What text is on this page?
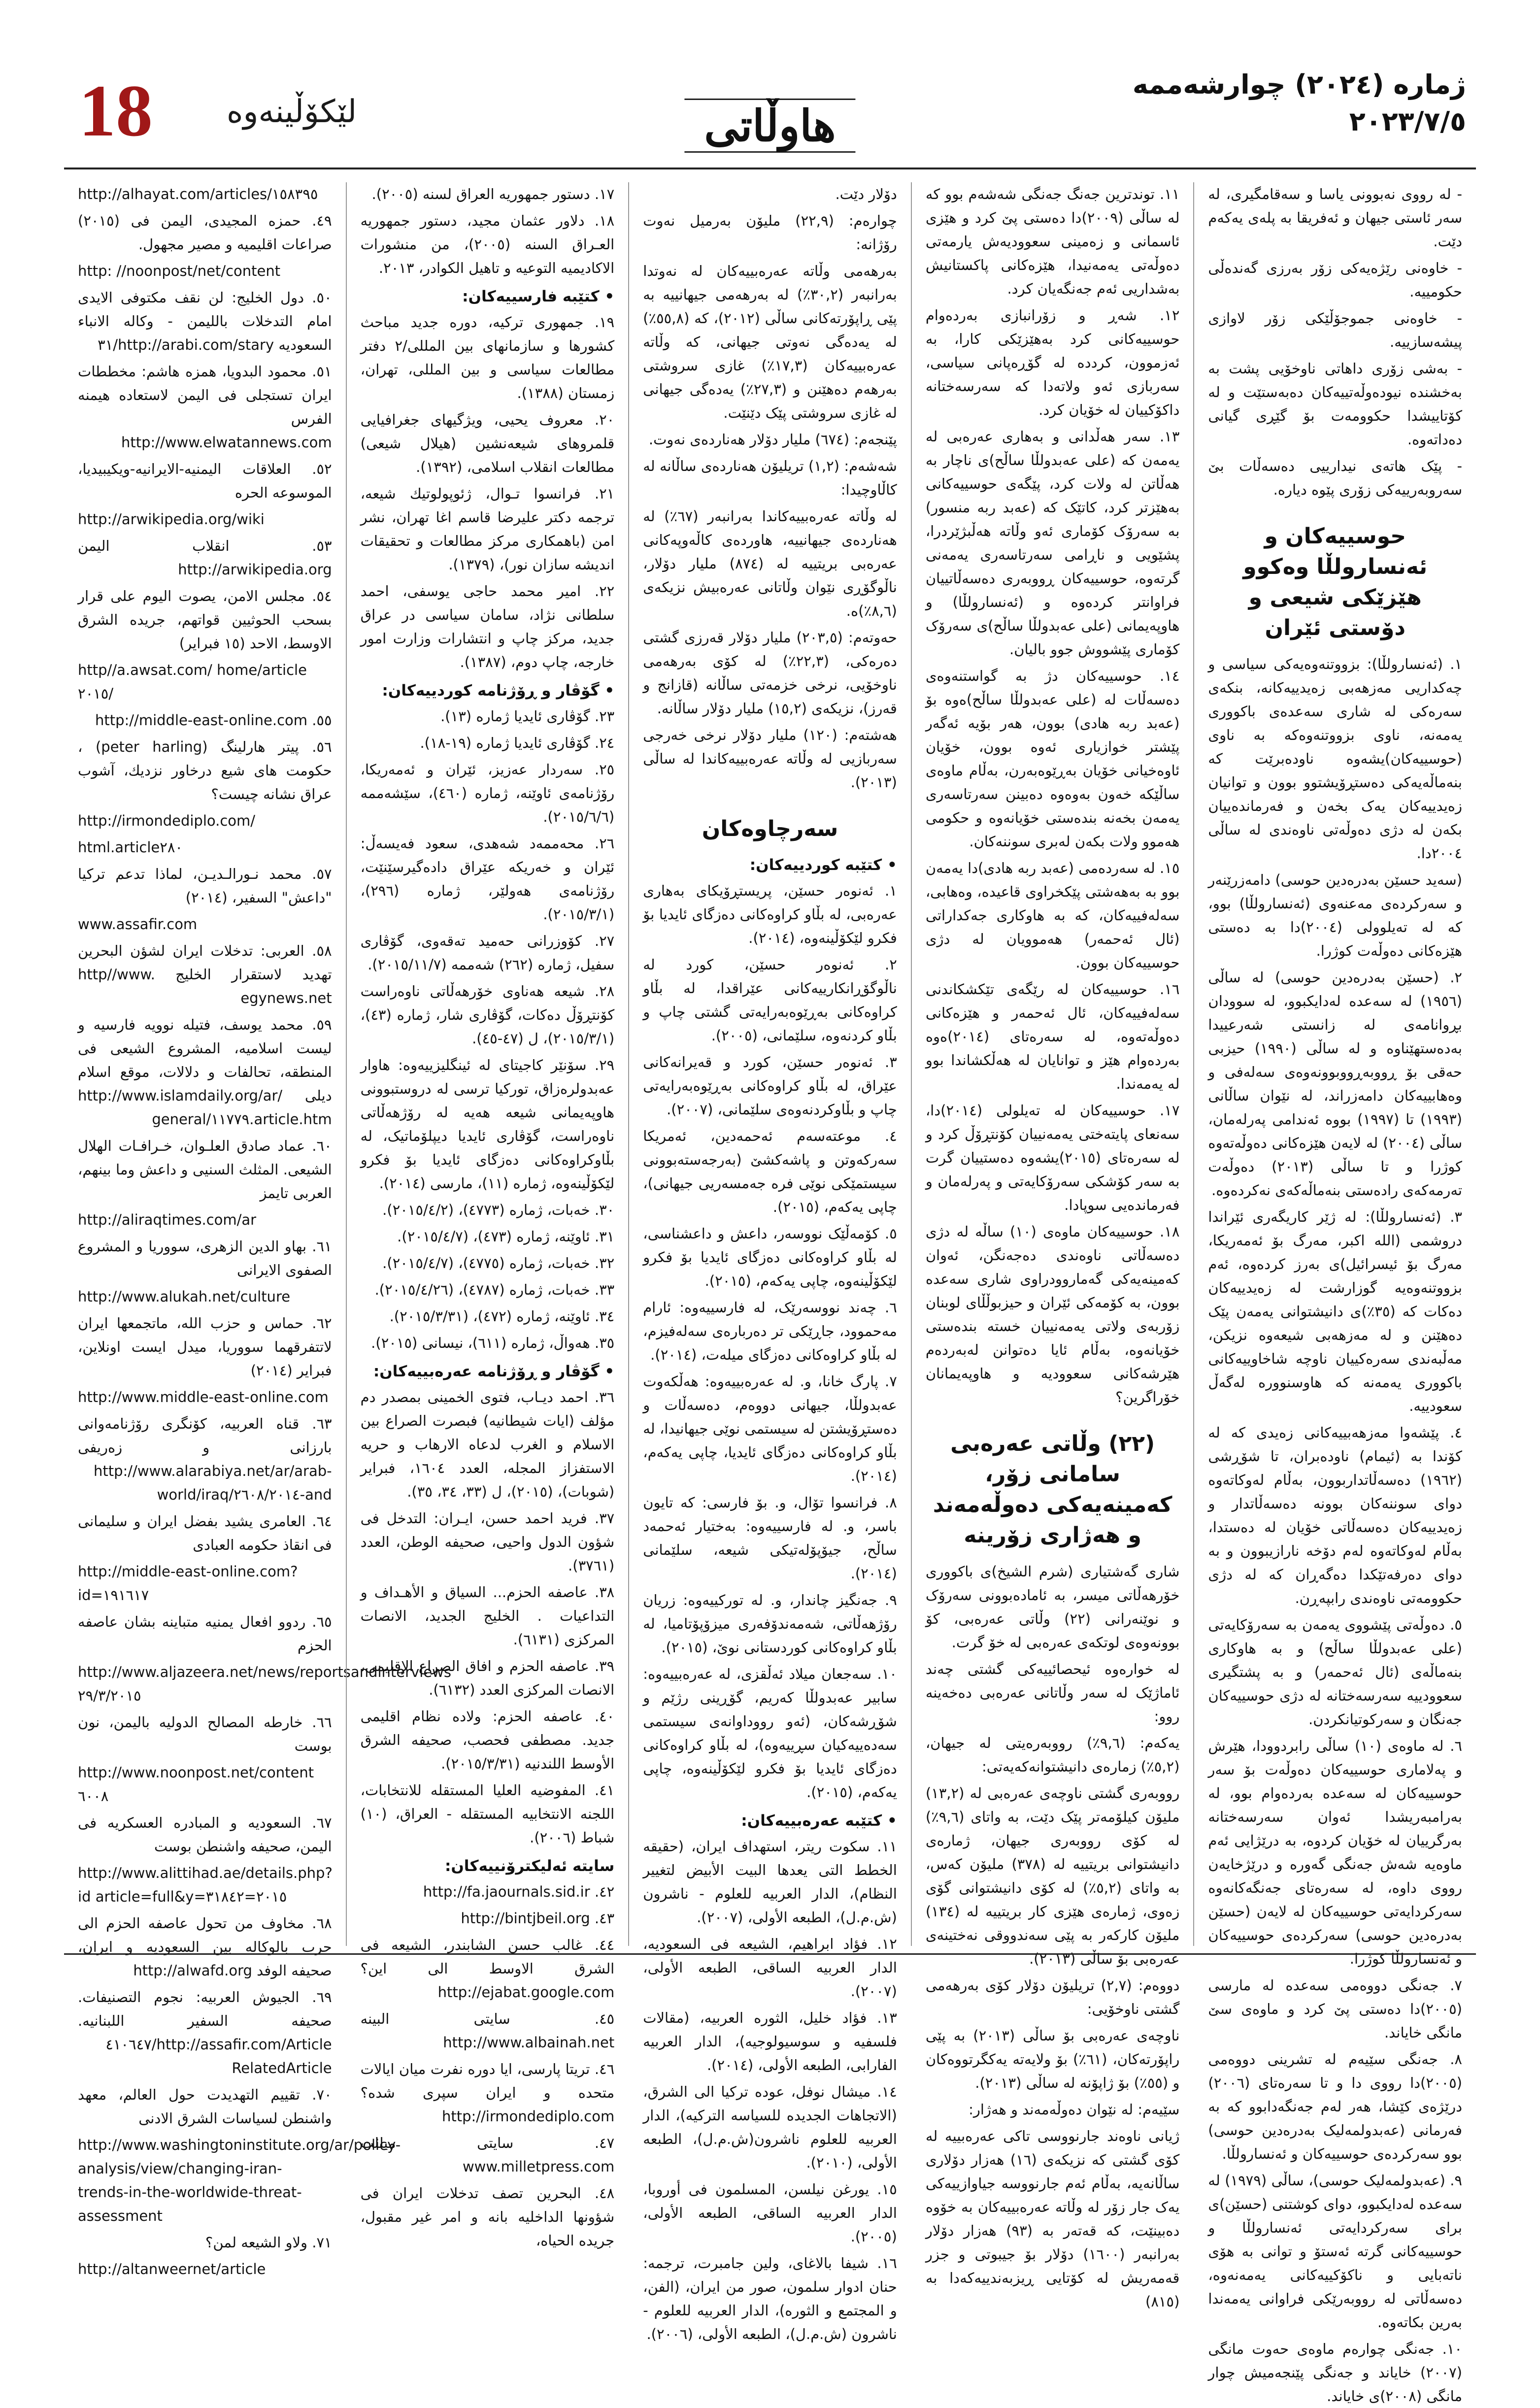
18 لێکۆڵینەوە	هاوڵاتی
ژمارە (٢٠٢٤) چوارشەممە
٢٠٢٣/٧/٥

- لە رووی نەبوونی یاسا و سەقامگیری، لە سەر ئاستی جیهان و ئەفریقا بە پلەی یەکەم دێت.

- خاوەنی رێژەیەکی زۆر بەرزی گەندەڵی حکومییە.

- خاوەنی جموجۆڵێکی زۆر لاوازی پیشەسازییە.

- بەشی زۆری داهاتی ناوخۆیی پشت بە بەخشندە نیودەوڵەتییەکان دەبەستێت و لە کۆتاییشدا حکوومەت بۆ گێڕی گیانی دەداتەوە.

- پێک هاتەی نیدارییی دەسەڵات بێ سەروبەرییەکی زۆری پێوە دیارە.

حوسییەکان و ئەنسارولڵا وەکوو هێزێکی شیعی و دۆستی ئێران

١. (ئەنسارولڵا): بزووتنەوەیەکی سیاسی و چەکداریی مەزهەبی زەیدییەکانە، بنکەی سەرەکی لە شاری سەعدەی باکووری یەمەنە، ناوی بزووتنەوەکە بە ناوی (حوسییەکان)یشەوە ناودەبرێت کە بنەماڵەیەکی دەستڕۆیشتوو بوون و توانیان زەیدییەکان یەک بخەن و فەرماندەییان بکەن لە دژی دەوڵەتی ناوەندی لە ساڵی ٢٠٠٤دا.

(سەید حسێن بەدرەدین حوسی) دامەزرێنەر و سەرکردەی مەعنەوی (ئەنسارولڵا) بوو، کە لە تەیلوولی (٢٠٠٤)دا بە دەستی هێزەکانی دەوڵەت کوژرا.

٢. (حسێن بەدرەدین حوسی) لە ساڵی (١٩٥٦) لە سەعدە لەدایکبوو، لە سوودان بڕوانامەی لە زانستی شەرعییدا بەدەستهێناوە و لە ساڵی (١٩٩٠) حیزبی حەقی بۆ ڕووبەڕووبوونەوەی سەلەفی و وەهابییەکان دامەزراند، لە نێوان ساڵانی (١٩٩٣) تا (١٩٩٧) بووە ئەندامی پەرلەمان، ساڵی (٢٠٠٤) لە لایەن هێزەکانی دەوڵەتەوە کوژرا و تا ساڵی (٢٠١٣) دەوڵەت تەرمەکەی رادەستی بنەماڵەکەی نەکردەوە.

٣. (ئەنسارولڵا): لە ژێر کاریگەری ئێراندا دروشمی (الله اکبر، مەرگ بۆ ئەمەریکا، مەرگ بۆ ئیسرائیل)ی بەرز کردەوە، ئەم بزووتنەوەیە گوزارشت لە زەیدییەکان دەکات کە (٣٥٪)ی دانیشتوانی یەمەن پێک دەهێنن و لە مەزهەبی شیعەوە نزیکن، مەڵبەندی سەرەکییان ناوچە شاخاوییەکانی باکووری یەمەنە کە هاوسنوورە لەگەڵ سعودییە.

٤. پێشەوا مەزهەبییەکانی زەیدی کە لە کۆندا بە (ئیمام) ناودەبران، تا شۆڕشی (١٩٦٢) دەسەڵاتداربوون، بەڵام لەوکاتەوە دوای سوننەکان بوونە دەسەڵاتدار و زەیدییەکان دەسەڵاتی خۆیان لە دەستدا، بەڵام لەوکاتەوە لەم دۆخە نارازیبوون و بە دوای دەرفەتێکدا دەگەڕان کە لە دژی حکوومەتی ناوەندی رابپەڕن.

٥. دەوڵەتی پێشووی یەمەن بە سەرۆکایەتی (علی عەبدولڵا ساڵح) و بە هاوکاری بنەماڵەی (ئال ئەحمەر) و بە پشتگیری سعوودییە سەرسەختانە لە دژی حوسییەکان جەنگان و سەرکوتیانکردن.

٦. لە ماوەی (١٠) ساڵی رابردوودا، هێرش و پەلاماری حوسییەکان دەوڵەت بۆ سەر حوسییەکان لە سەعدە بەردەوام بوو، لە بەرامبەریشدا ئەوان سەرسەختانە بەرگرییان لە خۆیان کردوە، بە درێژایی ئەم ماوەیە شەش جەنگی گەورە و درێژخایەن رووی داوە، لە سەرەتای جەنگەکانەوە سەرکردایەتی حوسییەکان لە لایەن (حسێن بەدرەدین حوسی) سەرکردەی حوسییەکان و ئەنسارولڵا کوژرا.

٧. جەنگی دووەمی سەعدە لە مارسی (٢٠٠٥)دا دەستی پێ کرد و ماوەی سێ مانگی خایاند.

٨. جەنگی سێیەم لە تشرینی دووەمی (٢٠٠٥)دا رووی دا و تا سەرەتای (٢٠٠٦) درێژەی کێشا، هەر لەم جەنگەدابوو کە بە فەرمانی (عەبدولمەلیک بەدرەدین حوسی) بوو سەرکردەی حوسییەکان و ئەنسارولڵا.

٩. (عەبدولمەلیک حوسی)، ساڵی (١٩٧٩) لە سەعدە لەدایکبوو، دوای کوشتنی (حسێن)ی برای سەرکردایەتی ئەنسارولڵا و حوسییەکانی گرتە ئەستۆ و توانی بە هۆی ناتەبایی و ناکۆکییەکانی یەمەنەوە، دەسەڵاتی لە رووبەرێکی فراوانی یەمەندا بەرین بکاتەوە.

١٠. جەنگی چوارەم ماوەی حەوت مانگی (٢٠٠٧) خایاند و جەنگی پێنجەمیش چوار مانگی (٢٠٠٨)ی خایاند.

١١. توندترین جەنگ جەنگی شەشەم بوو کە لە ساڵی (٢٠٠٩)دا دەستی پێ کرد و هێزی ئاسمانی و زەمینی سعوودیەش یارمەتی دەوڵەتی یەمەنیدا، هێزەکانی پاکستانیش بەشداریی ئەم جەنگەیان کرد.

١٢. شەڕ و زۆرانبازی بەردەوام حوسییەکانی کرد بەهێزێکی کارا، بە ئەزموون، کرددە لە گۆڕەپانی سیاسی، سەربازی ئەو ولاتەدا کە سەرسەختانە داکۆکییان لە خۆیان کرد.

١٣. سەر هەڵدانی و بەهاری عەرەبی لە یەمەن کە (علی عەبدولڵا ساڵح)ی ناچار بە هەڵاتن لە ولات کرد، پێگەی حوسییەکانی بەهێزتر کرد، کاتێک کە (عەبد ربە منسور) بە سەرۆک کۆماری ئەو وڵاتە هەڵبژێردرا، پشێویی و ناڕامی سەرتاسەری یەمەنی گرتەوە، حوسییەکان ڕووبەری دەسەڵاتییان فراوانتر کردەوە و (ئەنسارولڵا) و هاوپەیمانی (علی عەبدولڵا ساڵح)ی سەرۆک کۆماری پێشووش جوو بالیان.

١٤. حوسییەکان دژ بە گواستنەوەی دەسەڵات لە (علی عەبدولڵا ساڵح)ەوە بۆ (عەبد ربە هادی) بوون، هەر بۆیە ئەگەر پێشتر خوازیاری ئەوە بوون، خۆیان ئاوەخیانی خۆیان بەڕێوەبەرن، بەڵام ماوەی ساڵێکە خەون بەوەوە دەبینن سەرتاسەری یەمەن بخەنە بندەستی خۆیانەوە و حکومی هەموو ولات بکەن لەبری سوننەکان.

١٥. لە سەردەمی (عەبد ربە هادی)دا یەمەن بوو بە بەهەشتی پێکخراوی قاعیدە، وەهابی، سەلەفییەکان، کە بە هاوکاری جەکداراتی (ئال ئەحمەر) هەموویان لە دژی حوسییەکان بوون.

١٦. حوسییەکان لە رێگەی تێکشکاندنی سەلەفییەکان، ئال ئەحمەر و هێزەکانی دەوڵەتەوە، لە سەرەتای (٢٠١٤)ەوە بەردەوام هێز و توانایان لە هەڵکشاندا بوو لە یەمەندا.

١٧. حوسییەکان لە تەیلولی (٢٠١٤)دا، سەنعای پایتەختی یەمەنییان کۆنتڕۆڵ کرد و لە سەرەتای (٢٠١٥)یشەوە دەستییان گرت بە سەر کۆشکی سەرۆکایەتی و پەرلەمان و فەرماندەیی سوپادا.

١٨. حوسییەکان ماوەی (١٠) ساڵە لە دژی دەسەڵاتی ناوەندی دەجەنگن، ئەوان کەمینەیەکی گەماروودراوی شاری سەعدە بوون، بە کۆمەکی ئێران و حیزبوڵڵای لوبنان زۆربەی ولاتی یەمەنییان خستە بندەستی خۆیانەوە، بەڵام ئایا دەتوانن لەبەردەم هێرشەکانی سعوودیە و هاوپەیمانان خۆراگرین؟

(٢٢) وڵاتی عەرەبی سامانی زۆر، کەمینەیەکی دەوڵەمەند و هەژاری زۆرینە

شاری گەشتیاری (شرم الشیخ)ی باکووری خۆرهەڵاتی میسر، بە ئامادەبوونی سەرۆک و نوێنەرانی (٢٢) وڵاتی عەرەبی، کۆ بوونەوەی لوتکەی عەرەبی لە خۆ گرت.

لە خوارەوە ئیحصائییەکی گشتی چەند ئاماژێک لە سەر وڵاتانی عەرەبی دەخەینە روو:

یەکەم: (٩,٦٪) رووبەرەیتی لە جیهان، (٥,٢٪) زمارەی دانیشتوانەکەیەتی:

رووبەری گشتی ناوچەی عەرەبی لە (١٣,٢) ملیۆن کیلۆمەتر پێک دێت، بە واتای (٩,٦٪) لە کۆی رووبەری جیهان، ژمارەی دانیشتوانی بریتییە لە (٣٧٨) ملیۆن کەس، بە واتای (٥,٢٪) لە کۆی دانیشتوانی گۆی زەوی، ژمارەی هێزی کار بریتییە لە (١٣٤) ملیۆن کارکەر بە پێی سەندووقی نەختینەی عەرەبی بۆ ساڵی (٢٠١٣).

دووەم: (٢,٧) تریلیۆن دۆلار کۆی بەرهەمی گشتی ناوخۆیی:

ناوچەی عەرەبی بۆ ساڵی (٢٠١٣) بە پێی راپۆرتەکان، (٦١٪) بۆ ولایەتە یەکگرتووەکان و (٥٥٪) بۆ ژاپۆنە لە ساڵی (٢٠١٣).

سێیەم: لە نێوان دەوڵەمەند و هەژار:

ژیانی ناوەند جارنووسی تاکی عەرەبییە لە کۆی گشتی کە نزیکەی (١٦) هەزار دۆلاری ساڵانەیە، بەڵام ئەم جارنووسە جیاوازییەکی یەک جار زۆر لە وڵاتە عەرەبییەکان بە خۆوە دەبینێت، کە قەتەر بە (٩٣) هەزار دۆلار بەرانبەر (١٦٠٠) دۆلار بۆ جیبوتی و جزر قەمەریش لە کۆتایی ڕیزبەندییەکەدا بە (٨١٥)

دۆلار دێت.

چوارەم: (٢٢,٩) ملیۆن بەرمیل نەوت رۆژانە:

بەرهەمی وڵاتە عەرەبییەکان لە نەوتدا بەرانبەر (٣٠,٢٪) لە بەرهەمی جیهانییە بە پێی ڕاپۆرتەکانی ساڵی (٢٠١٢)، کە (٥٥,٨٪) لە یەدەگی نەوتی جیهانی، کە وڵاتە عەرەبییەکان (١٧,٣٪) غازی سروشتی بەرهەم دەهێنن و (٢٧,٣٪) یەدەگی جیهانی لە غازی سروشتی پێک دێنێت.

پێنجەم: (٦٧٤) ملیار دۆلار هەناردەی نەوت.

شەشەم: (١,٢) تریلیۆن هەناردەی ساڵانە لە کاڵاوچیدا:

لە وڵاتە عەرەبییەکاندا بەرانبەر (٦٧٪) لە هەناردەی جیهانییە، هاوردەی کاڵەوپەکانی عەرەبی بریتییە لە (٨٧٤) ملیار دۆلار، ناڵوگۆڕی نێوان وڵاتانی عەرەبیش نزیکەی (٨,٦٪)ە.

حەوتەم: (٢٠٣,٥) ملیار دۆلار قەرزی گشتی دەرەکی، (٢٢,٣٪) لە کۆی بەرهەمی ناوخۆیی، نرخی خزمەتی ساڵانە (قازانج و قەرز)، نزیکەی (١٥,٢) ملیار دۆلار ساڵانە.

هەشتەم: (١٢٠) ملیار دۆلار نرخی خەرجی سەربازیی لە وڵاتە عەرەبییەکاندا لە ساڵی (٢٠١٣).

سەرچاوەکان
• کتێبە کوردییەکان:

١. ئەنوەر حسێن، پریستڕۆیکای بەهاری عەرەبی، لە بڵاو کراوەکانی دەزگای ئایدیا بۆ فکرو لێکۆڵینەوە، (٢٠١٤).

٢. ئەنوەر حسێن، کورد لە ناڵوگۆڕانکارییەکانی عێراقدا، لە بڵاو کراوەکانی بەڕێوەبەرایەتی گشتی چاپ و بڵاو کردنەوە، سلێمانی، (٢٠٠٥).

٣. ئەنوەر حسێن، کورد و قەیرانەکانی عێراق، لە بڵاو کراوەکانی بەڕێوەبەرایەتی چاپ و بڵاوکردنەوەی سلێمانی، (٢٠٠٧).

٤. موعتەسەم ئەحمەدین، ئەمریکا سەرکەوتن و پاشەکشێ (بەرجەستەبوونی سیستمێکی نوێی فرە جەمسەریی جیهانی)، چاپی یەکەم، (٢٠١٥).

٥. کۆمەڵێک نووسەر، داعش و داعشناسی، لە بڵاو کراوەکانی دەزگای ئایدیا بۆ فکرو لێکۆڵینەوە، چاپی یەکەم، (٢٠١٥).

٦. چەند نووسەرێک، لە فارسییەوە: ئارام مەحموود، جاڕێکی تر دەربارەی سەلەفیزم، لە بڵاو کراوەکانی دەزگای میلەت، (٢٠١٤).

٧. پارگ خانا، و. لە عەرەبییەوە: هەڵکەوت عەبدولڵا، جیهانی دووەم، دەسەڵات و دەستڕۆیشتن لە سیستمی نوێی جیهانیدا، لە بڵاو کراوەکانی دەزگای ئایدیا، چاپی یەکەم، (٢٠١٤).

٨. فرانسوا تۆال، و. بۆ فارسی: کە تایون باسر، و. لە فارسییەوە: بەختیار ئەحمەد ساڵح، جیۆپۆلەتیکی شیعە، سلێمانی (٢٠١٤).

٩. جەنگیز چاندار، و. لە تورکییەوە: زریان رۆژهەڵاتی، شەمەندۆفەری میزۆپۆتامیا، لە بڵاو کراوەکانی کوردستانی نوێ، (٢٠١٥).

١٠. سەجعان میلاد ئەڵقزی، لە عەرەبییەوە: سابیر عەبدولڵا کەریم، گۆڕینی رژێم و شۆڕشەکان، (ئەو رووداوانەی سیستمی سەدەییەکیان سڕییەوە)، لە بڵاو کراوەکانی دەزگای ئایدیا بۆ فکرو لێکۆڵینەوە، چاپی یەکەم، (٢٠١٥).

• کتێبە عەرەبییەکان:

١١. سكوت ريتر، استهداف ايران، (حقيقه الخطط التى يعدها البيت الأبيض لتغيير النظام)، الدار العربيه للعلوم - ناشرون (ش.م.ل)، الطبعه الأولى، (٢٠٠٧).

١٢. فؤاد ابراهيم، الشيعه فى السعوديه، الدار العربيه الساقى، الطبعه الأولى، (٢٠٠٧).

١٣. فؤاد خليل، الثوره العربيه، (مقالات فلسفيه و سوسيولوجيه)، الدار العربيه الفارابى، الطبعه الأولى، (٢٠١٤).

١٤. ميشال نوفل، عوده تركيا الى الشرق، (الاتجاهات الجديده للسياسه التركيه)، الدار العربيه للعلوم ناشرون(ش.م.ل)، الطبعه الأولى، (٢٠١٠).

١٥. يورغن نيلسن، المسلمون فى أوروبا، الدار العربيه الساقى، الطبعه الأولى، (٢٠٠٥).

١٦. شيفا بالاغاى، ولين جامبرت، ترجمه: حنان ادوار سلمون، صور من ايران، (الفن، و المجتمع و الثوره)، الدار العربيه للعلوم - ناشرون (ش.م.ل)، الطبعه الأولى، (٢٠٠٦).

١٧. دستور جمهوريه العراق لسنه (٢٠٠٥).

١٨. دلاور عثمان مجيد، دستور جمهوريه العـراق السنه (٢٠٠٥)، من منشورات الاكاديميه التوعيه و تاهيل الكوادر، ٢٠١٣.

• کتێبە فارسییەکان:

١٩. جمهوری ترکیه، دوره جدید مباحث کشورها و سازمانهای بین المللی/٢ دفتر مطالعات سیاسی و بین المللی، تهران، زمستان (١٣٨٨).

٢٠. معروف یحیی، ویژگیهای جغرافیایی قلمروهای شیعەنشین (هیلال شیعی) مطالعات انقلاب اسلامی، (١٣٩٢).

٢١. فرانسوا تـوال، ژئوپولوتیك شیعه، ترجمه دکتر علیرضا قاسم اغا تهران، نشر امن (باهمکاری مرکز مطالعات و تحقیقات اندیشه سازان نور)، (١٣٧٩).

٢٢. امیر محمد حاجی یوسفی، احمد سلطانی نژاد، سامان سیاسی در عراق جدید، مرکز چاپ و انتشارات وزارت امور خارجه، چاپ دوم، (١٣٨٧).

• گۆڤار و ڕۆژنامە کوردییەکان:

٢٣. گۆڤاری ئایدیا ژمارە (١٣).

٢٤. گۆڤاری ئایدیا ژمارە (١٩-١٨).

٢٥. سەردار عەزیز، ئێران و ئەمەریکا، رۆژنامەی ئاوێنە، ژمارە (٤٦٠)، سێشەممە (٢٠١٥/٦/٦).

٢٦. محەممەد شەهدی، سعود فەیسەڵ: ئێران و خەریکە عێراق دادەگیرسێنێت، رۆژنامەی هەولێر، ژمارە (٢٩٦)، (٢٠١٥/٣/١).

٢٧. کۆوزرانی حەمید تەقەوی، گۆڤاری سفیل، ژمارە (٢٦٢) شەممە (٢٠١٥/١١/٧).

٢٨. شیعە هەناوی خۆرهەڵاتی ناوەراست کۆنتڕۆڵ دەکات، گۆڤاری شار، ژمارە (٤٣)، (٢٠١٥/٣/١)، ل (٤٧-٤٥).

٢٩. سۆنێر کاجیتای لە ئینگلیزییەوە: هاوار عەبدولرەزاق، تورکیا ترسی لە دروستبوونی هاوپەیمانی شیعە هەیە لە رۆژهەڵاتی ناوەراست، گۆڤاری ئایدیا دیپلۆماتیک، لە بڵاوکراوەکانی دەزگای ئایدیا بۆ فکرو لێکۆڵینەوە، ژمارە (١١)، مارسی (٢٠١٤).

٣٠. خەبات، ژمارە (٤٧٧٣)، (٢٠١٥/٤/٢).

٣١. ئاوێنە، ژمارە (٤٧٣)، (٢٠١٥/٤/٧).

٣٢. خەبات، ژمارە (٤٧٧٥)، (٢٠١٥/٤/٧).

٣٣. خەبات، ژمارە (٤٧٨٧)، (٢٠١٥/٤/٢٦).

٣٤. ئاوێنە، ژمارە (٤٧٢)، (٢٠١٥/٣/٣١).

٣٥. هەواڵ، ژمارە (٦١١)، نیسانی (٢٠١٥).

• گۆڤار و ڕۆژنامە عەرەبییەکان:

٣٦. احمد ديـاب، فتوى الخمينى بمصدر دم مؤلف (ايات شيطانيه) فبصرت الصراع بين الاسلام و الغرب لدعاه الارهاب و حريه الاستفزاز المجله، العدد ١٦٠٤، فبراير (شوبات)، (٢٠١٥)، ل (٣٣، ٣٤، ٣٥).

٣٧. فريد احمد حسن، ايـران: التدخل فى شؤون الدول واحيى، صحيفه الوطن، العدد (٣٧٦١).

٣٨. عاصفه الحزم... السياق و الأهـداف و التداعيات . الخليج الجديد، الانصات المركزى (٦١٣١).

٣٩. عاصفه الحزم و افاق الصراع الإقليمى، الانصات المركزى العدد (٦١٣٢).

٤٠. عاصفه الحزم: ولاده نظام اقليمى جديد. مصطفى فحصب، صحيفه الشرق الأوسط اللندنيه (٢٠١٥/٣/٣١).

٤١. المفوضيه العليا المستقله للانتخابات، اللجنه الانتخابيه المستقله - العراق، (١٠) شباط (٢٠٠٦).

سایتە ئەلیکترۆنییەکان:

٤٢. http://fa.jaournals.sid.ir

٤٣. http://bintjbeil.org

٤٤. غالب حسن الشابندر، الشيعه فى الشرق الاوسط الى اين؟ http://ejabat.google.com

٤٥. سايتى البينه http://www.albainah.net

٤٦. تريتا پارسى، ايا دوره نفرت ميان ايالات متحده و ايران سپرى شده؟ http://irmondediplo.com

٤٧. سايتى ميللت www.milletpress.com

٤٨. البحرين تصف تدخلات ايران فى شؤونها الداخليه بانه و امر غير مقبول، جريده الحياه،

http://alhayat.com/articles/١٥٨٣٩٥

٤٩. حمزه المجيدى، اليمن فى (٢٠١٥) صراعات اقليميه و مصير مجهول.

http: //noonpost/net/content

٥٠. دول الخليج: لن نقف مكتوفى الايدى امام التدخلات بالليمن - وكاله الانباء السعوديه http://arabi.com/stary/٣١

٥١. محمود البدويا، همزه هاشم: مخططات ايران تستجلى فى اليمن لاستعاده هيمنه الفرس http://www.elwatannews.com

٥٢. العلاقات اليمنيه-الايرانيه-ويكيبيديا، الموسوعه الحره

http://arwikipedia.org/wiki

٥٣. انقلاب اليمن http://arwikipedia.org

٥٤. مجلس الامن، يصوت اليوم على قرار بسحب الحوثيين قواتهم، جريده الشرق الاوسط، الاحد (١٥ فبراير)

http//a.awsat.com/ home/article ٢٠١٥/

٥٥. http://middle-east-online.com

٥٦. پيتر هارلينگ (peter harling) ، حكومت هاى شيع درخاور نزديك، آشوب عراق نشانه چيست؟

http://irmondediplo.com/

html.article٢٨٠

٥٧. محمد نـورالـديـن، لماذا تدعم تركيا "داعش" السفير، (٢٠١٤)

www.assafir.com

٥٨. العربى: تدخلات ايران لشؤن البحرين تهديد لاستقرار الخليج http//www. egynews.net

٥٩. محمد يوسف، فتيله نوويه فارسيه و ليست اسلاميه، المشروع الشيعى فى المنطقه، تحالفات و دلالات، موقع اسلام ديلى http://www.islamdaily.org/ar/ article.htm.١١٧٧٩/general

٦٠. عماد صادق العلـوان، خـرافـات الهلال الشيعى. المثلث السنيى و داعش وما بينهم، العربى تايمز

http://aliraqtimes.com/ar

٦١. بهاو الدين الزهرى، سووريا و المشروع الصفوى الايرانى

http://www.alukah.net/culture

٦٢. حماس و حزب الله، ماتجمعها ايران لاتتفرقهما سووريا، ميدل ايست اونلاين، فبراير (٢٠١٤)

http://www.middle-east-online.com

٦٣. قناه العربيه، كۆنگرى رۆژنامەوانى بارزانى و زەريفى http://www.alarabiya.net/ar/arab-and-٢٦٠٨/٢٠١٤/world/iraq

٦٤. العامرى يشيد بفضل ايران و سليمانى فى انقاذ حكومه العبادى

http://middle-east-online.com?id=١٩١٦١٧

٦٥. ردوو افعال يمنيه متباينه بشان عاصفه الحزم

http://www.aljazeera.net/news/reportsandinterviews ٢٩/٣/٢٠١٥

٦٦. خارطه المصالح الدوليه باليمن، نون بوست

http://www.noonpost.net/content ٦٠٠٨

٦٧. السعوديه و المبادره العسكريه فى اليمن، صحيفه واشنطن بوست

http://www.alittihad.ae/details.php?id article=full&y=٢٠١٥=٣١٨٤٢

٦٨. مخاوف من تحول عاصفه الحزم الى حرب بالوكاله بين السعوديه و ايران، صحيفه الوفد http://alwafd.org

٦٩. الجيوش العربيه: نجوم التصنيفات. صحيفه السفير اللبنانيه. http://assafir.com/Article/٤١٠٦٤٧ RelatedArticle

٧٠. تقييم التهديدت حول العالم، معهد واشنطن لسياسات الشرق الادنى

http://www.washingtoninstitute.org/ar/policy-analysis/view/changing-iran-trends-in-the-worldwide-threat-assessment

٧١. ولاو الشيعه لمن؟

http://altanweernet/article
